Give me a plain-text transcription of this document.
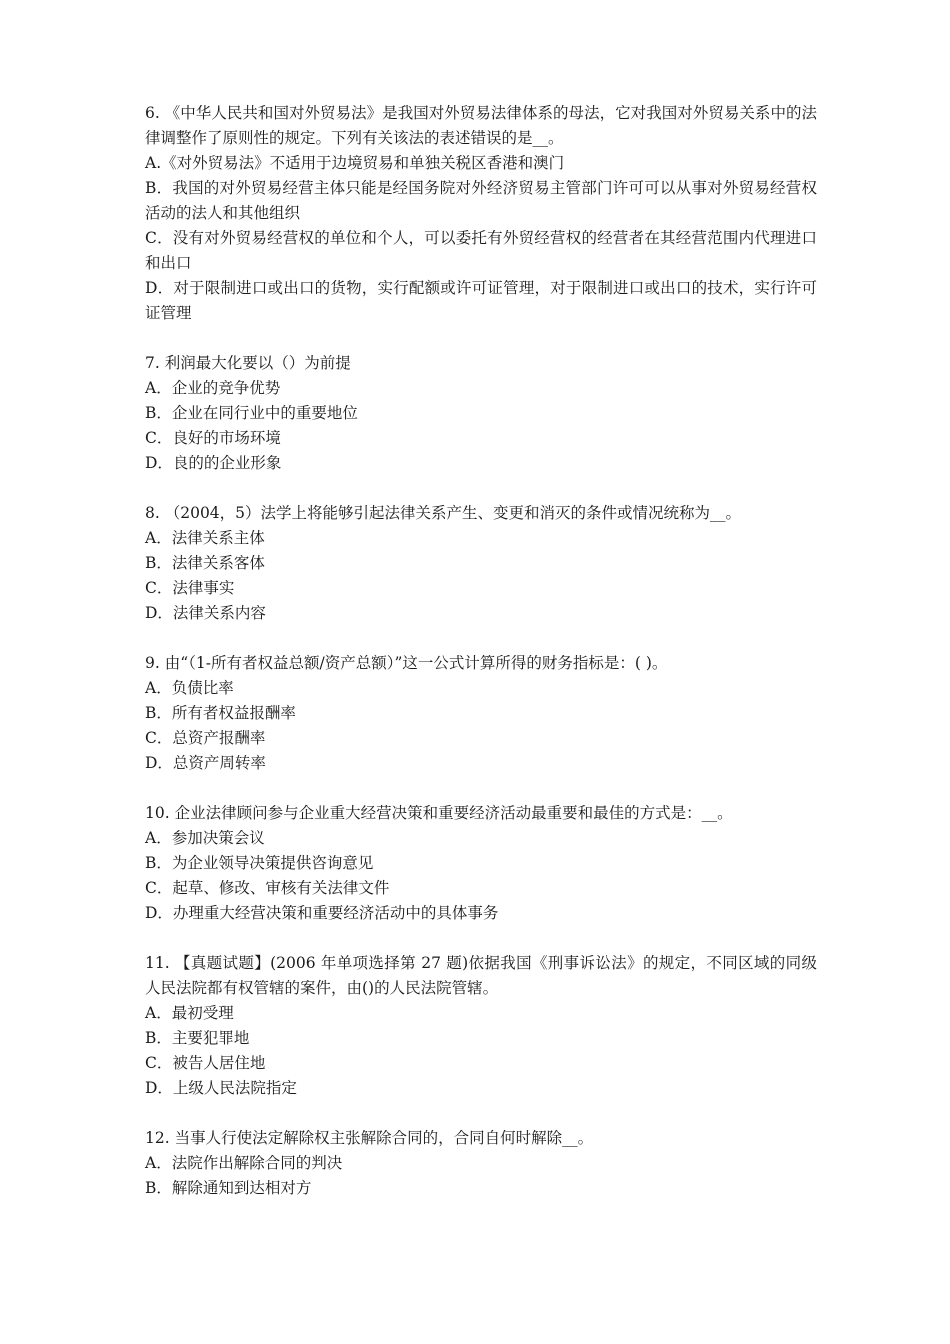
6. 《中华人民共和国对外贸易法》是我国对外贸易法律体系的母法，它对我国对外贸易关系中的法律调整作了原则性的规定。下列有关该法的表述错误的是__。

A.《对外贸易法》不适用于边境贸易和单独关税区香港和澳门

B．我国的对外贸易经营主体只能是经国务院对外经济贸易主管部门许可可以从事对外贸易经营权活动的法人和其他组织

C．没有对外贸易经营权的单位和个人，可以委托有外贸经营权的经营者在其经营范围内代理进口和出口

D．对于限制进口或出口的货物，实行配额或许可证管理，对于限制进口或出口的技术，实行许可证管理

7. 利润最大化要以（）为前提

A．企业的竞争优势

B．企业在同行业中的重要地位

C．良好的市场环境

D．良的的企业形象

8. （2004，5）法学上将能够引起法律关系产生、变更和消灭的条件或情况统称为__。

A．法律关系主体

B．法律关系客体

C．法律事实

D．法律关系内容

9. 由“（1-所有者权益总额/资产总额）”这一公式计算所得的财务指标是：( )。

A．负债比率

B．所有者权益报酬率

C．总资产报酬率

D．总资产周转率

10. 企业法律顾问参与企业重大经营决策和重要经济活动最重要和最佳的方式是：__。

A．参加决策会议

B．为企业领导决策提供咨询意见

C．起草、修改、审核有关法律文件

D．办理重大经营决策和重要经济活动中的具体事务

11. 【真题试题】(2006 年单项选择第 27 题)依据我国《刑事诉讼法》的规定，不同区域的同级人民法院都有权管辖的案件，由()的人民法院管辖。

A．最初受理

B．主要犯罪地

C．被告人居住地

D．上级人民法院指定

12. 当事人行使法定解除权主张解除合同的，合同自何时解除__。

A．法院作出解除合同的判决

B．解除通知到达相对方
